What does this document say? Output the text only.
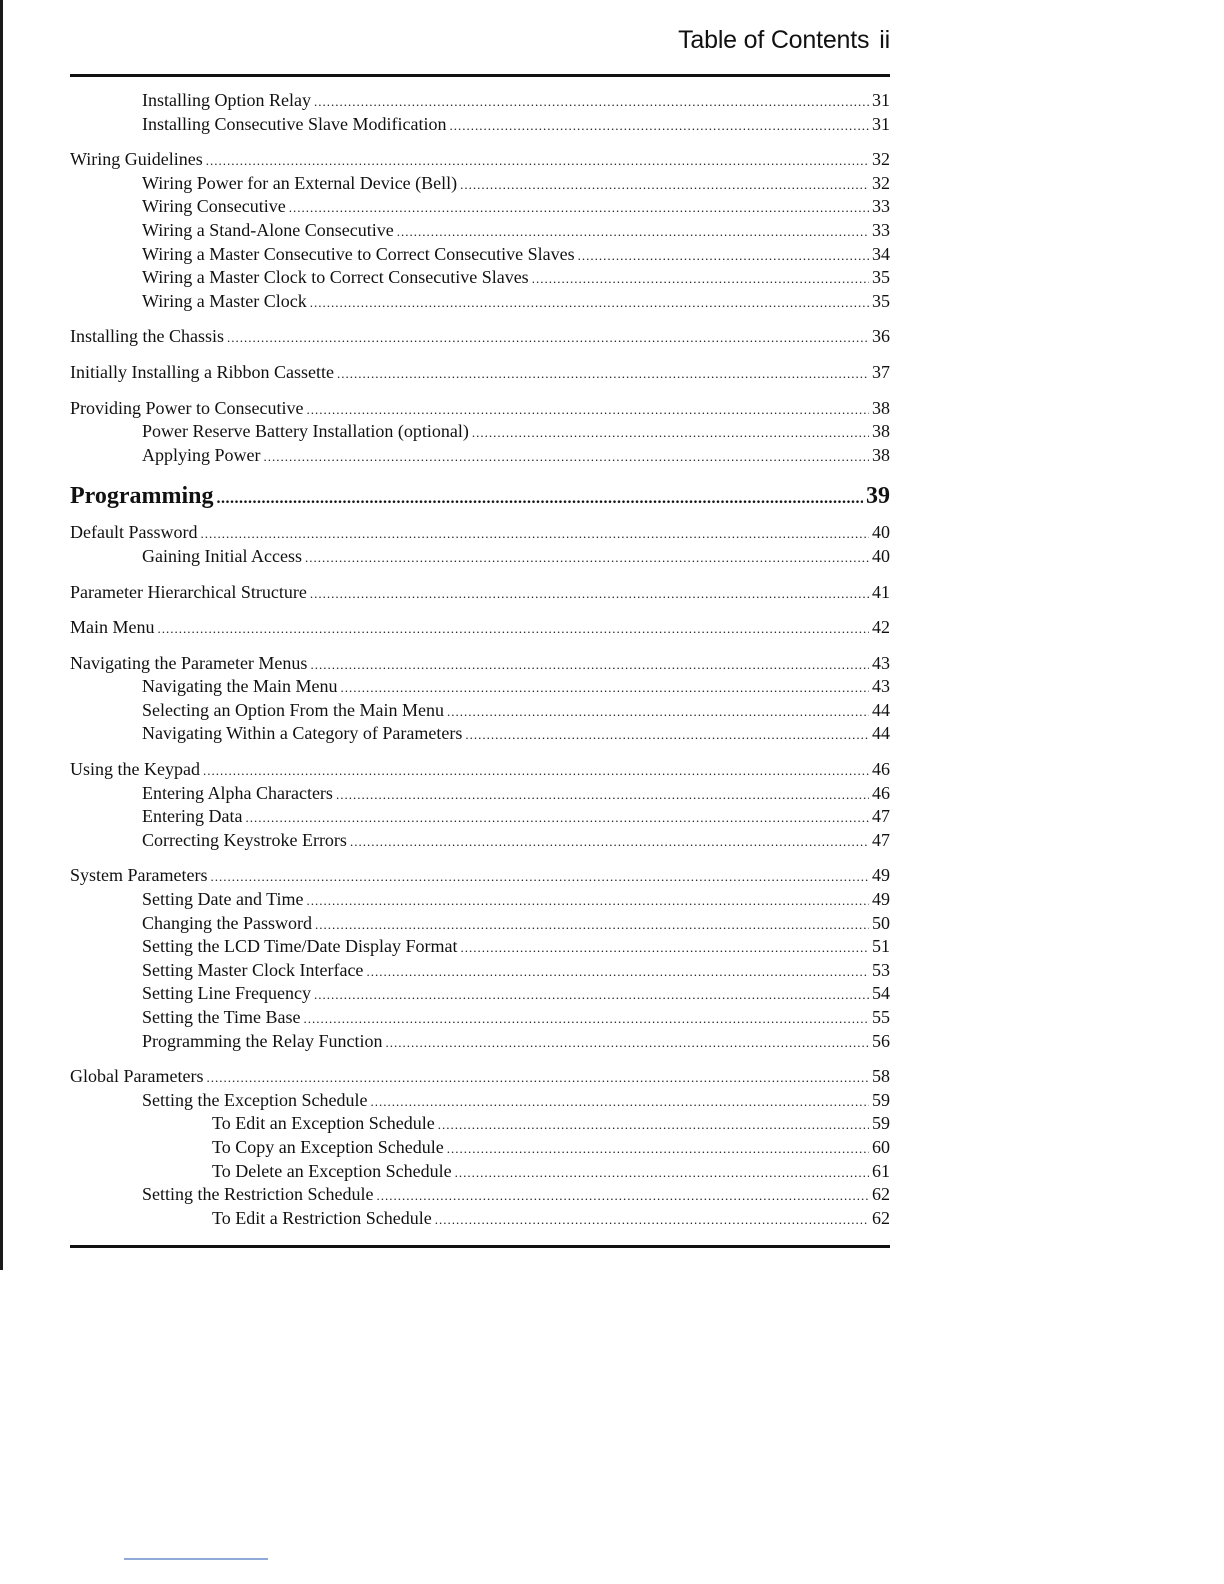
Table of Contents ii
Installing Option Relay .....	31
Installing Consecutive Slave Modification .....	31
Wiring Guidelines .....	32
Wiring Power for an External Device (Bell) .....	32
Wiring Consecutive .....	33
Wiring a Stand-Alone Consecutive .....	33
Wiring a Master Consecutive to Correct Consecutive Slaves .....	34
Wiring a Master Clock to Correct Consecutive Slaves .....	35
Wiring a Master Clock .....	35
Installing the Chassis .....	36
Initially Installing a Ribbon Cassette .....	37
Providing Power to Consecutive .....	38
Power Reserve Battery Installation (optional) .....	38
Applying Power .....	38
Programming .....	39
Default Password .....	40
Gaining Initial Access .....	40
Parameter Hierarchical Structure .....	41
Main Menu .....	42
Navigating the Parameter Menus .....	43
Navigating the Main Menu .....	43
Selecting an Option From the Main Menu .....	44
Navigating Within a Category of Parameters .....	44
Using the Keypad .....	46
Entering Alpha Characters .....	46
Entering Data .....	47
Correcting Keystroke Errors .....	47
System Parameters .....	49
Setting Date and Time .....	49
Changing the Password .....	50
Setting the LCD Time/Date Display Format .....	51
Setting Master Clock Interface .....	53
Setting Line Frequency .....	54
Setting the Time Base .....	55
Programming the Relay Function .....	56
Global Parameters .....	58
Setting the Exception Schedule .....	59
To Edit an Exception Schedule .....	59
To Copy an Exception Schedule .....	60
To Delete an Exception Schedule .....	61
Setting the Restriction Schedule .....	62
To Edit a Restriction Schedule .....	62
